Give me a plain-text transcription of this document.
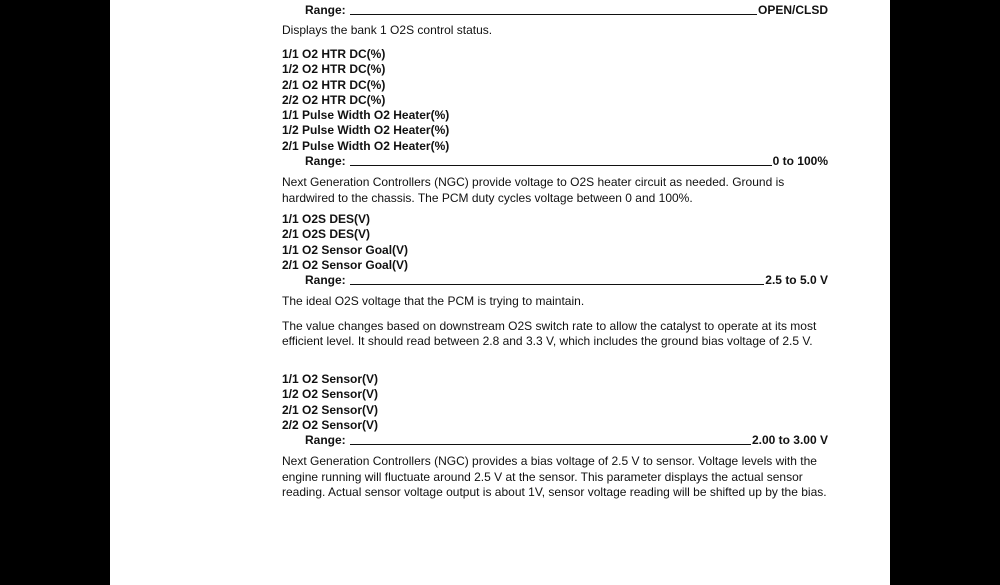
Range:	OPEN/CLSD

Displays the bank 1 O2S control status.

1/1 O2 HTR DC(%)
1/2 O2 HTR DC(%)
2/1 O2 HTR DC(%)
2/2 O2 HTR DC(%)
1/1 Pulse Width O2 Heater(%)
1/2 Pulse Width O2 Heater(%)
2/1 Pulse Width O2 Heater(%)
Range:	0 to 100%

Next Generation Controllers (NGC) provide voltage to O2S heater circuit as needed. Ground is hardwired to the chassis. The PCM duty cycles voltage between 0 and 100%.

1/1 O2S DES(V)
2/1 O2S DES(V)
1/1 O2 Sensor Goal(V)
2/1 O2 Sensor Goal(V)
Range:	2.5 to 5.0 V

The ideal O2S voltage that the PCM is trying to maintain.

The value changes based on downstream O2S switch rate to allow the catalyst to operate at its most efficient level. It should read between 2.8 and 3.3 V, which includes the ground bias voltage of 2.5 V.

1/1 O2 Sensor(V)
1/2 O2 Sensor(V)
2/1 O2 Sensor(V)
2/2 O2 Sensor(V)
Range:	2.00 to 3.00 V

Next Generation Controllers (NGC) provides a bias voltage of 2.5 V to sensor. Voltage levels with the engine running will fluctuate around 2.5 V at the sensor. This parameter displays the actual sensor reading. Actual sensor voltage output is about 1V, sensor voltage reading will be shifted up by the bias.
